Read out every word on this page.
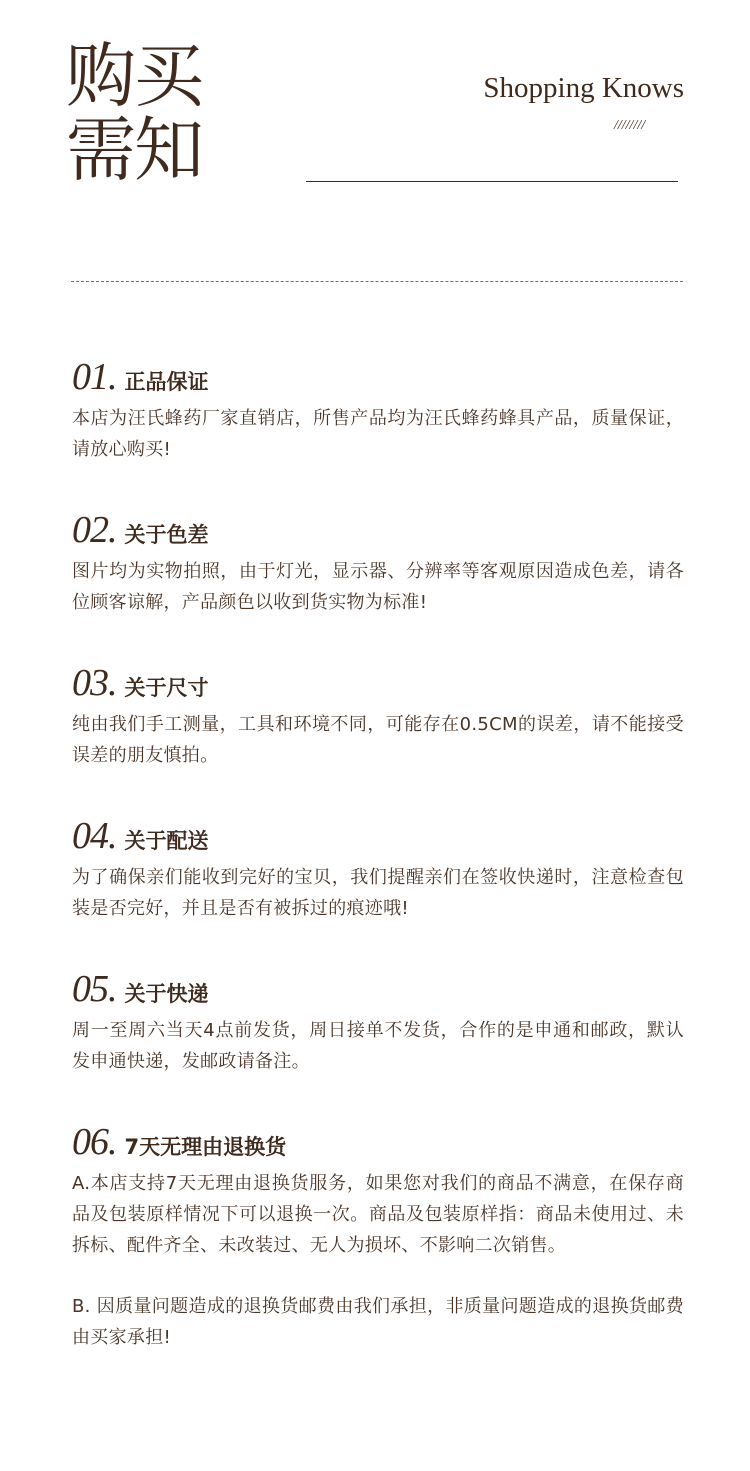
购买
需知
Shopping Knows
////////
01. 正品保证

本店为汪氏蜂药厂家直销店，所售产品均为汪氏蜂药蜂具产品，质量保证，请放心购买!

02. 关于色差

图片均为实物拍照，由于灯光，显示器、分辨率等客观原因造成色差，请各位顾客谅解，产品颜色以收到货实物为标准!

03. 关于尺寸

纯由我们手工测量，工具和环境不同，可能存在0.5CM的误差，请不能接受误差的朋友慎拍。

04. 关于配送

为了确保亲们能收到完好的宝贝，我们提醒亲们在签收快递时，注意检查包装是否完好，并且是否有被拆过的痕迹哦!

05. 关于快递

周一至周六当天4点前发货，周日接单不发货，合作的是申通和邮政，默认发申通快递，发邮政请备注。

06. 7天无理由退换货

A.本店支持7天无理由退换货服务，如果您对我们的商品不满意，在保存商品及包装原样情况下可以退换一次。商品及包装原样指：商品未使用过、未拆标、配件齐全、未改装过、无人为损坏、不影响二次销售。

B. 因质量问题造成的退换货邮费由我们承担，非质量问题造成的退换货邮费由买家承担!
